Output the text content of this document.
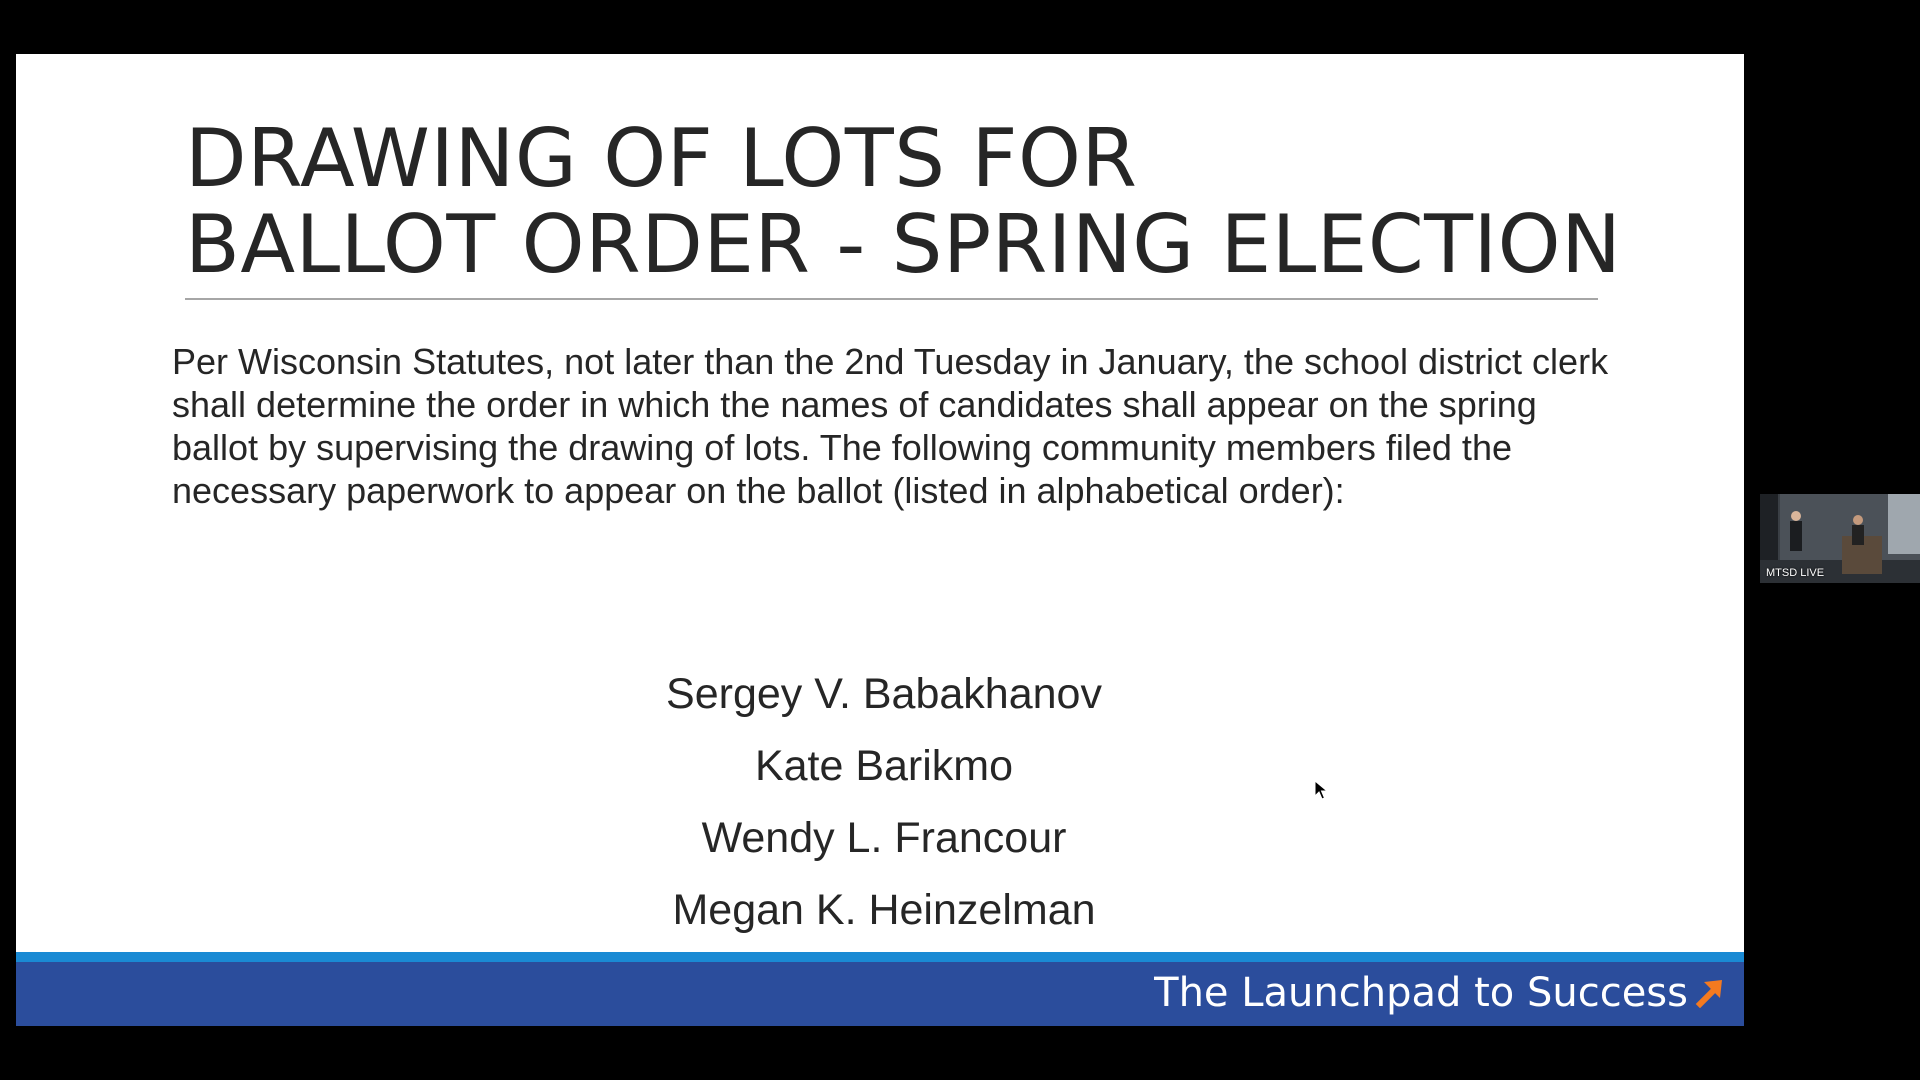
DRAWING OF LOTS FOR
BALLOT ORDER - SPRING ELECTION

Per Wisconsin Statutes, not later than the 2nd Tuesday in January, the school district clerk shall determine the order in which the names of candidates shall appear on the spring ballot by supervising the drawing of lots. The following community members filed the necessary paperwork to appear on the ballot (listed in alphabetical order):

Sergey V. Babakhanov
Kate Barikmo
Wendy L. Francour
Megan K. Heinzelman
The Launchpad to Success
MTSD LIVE
